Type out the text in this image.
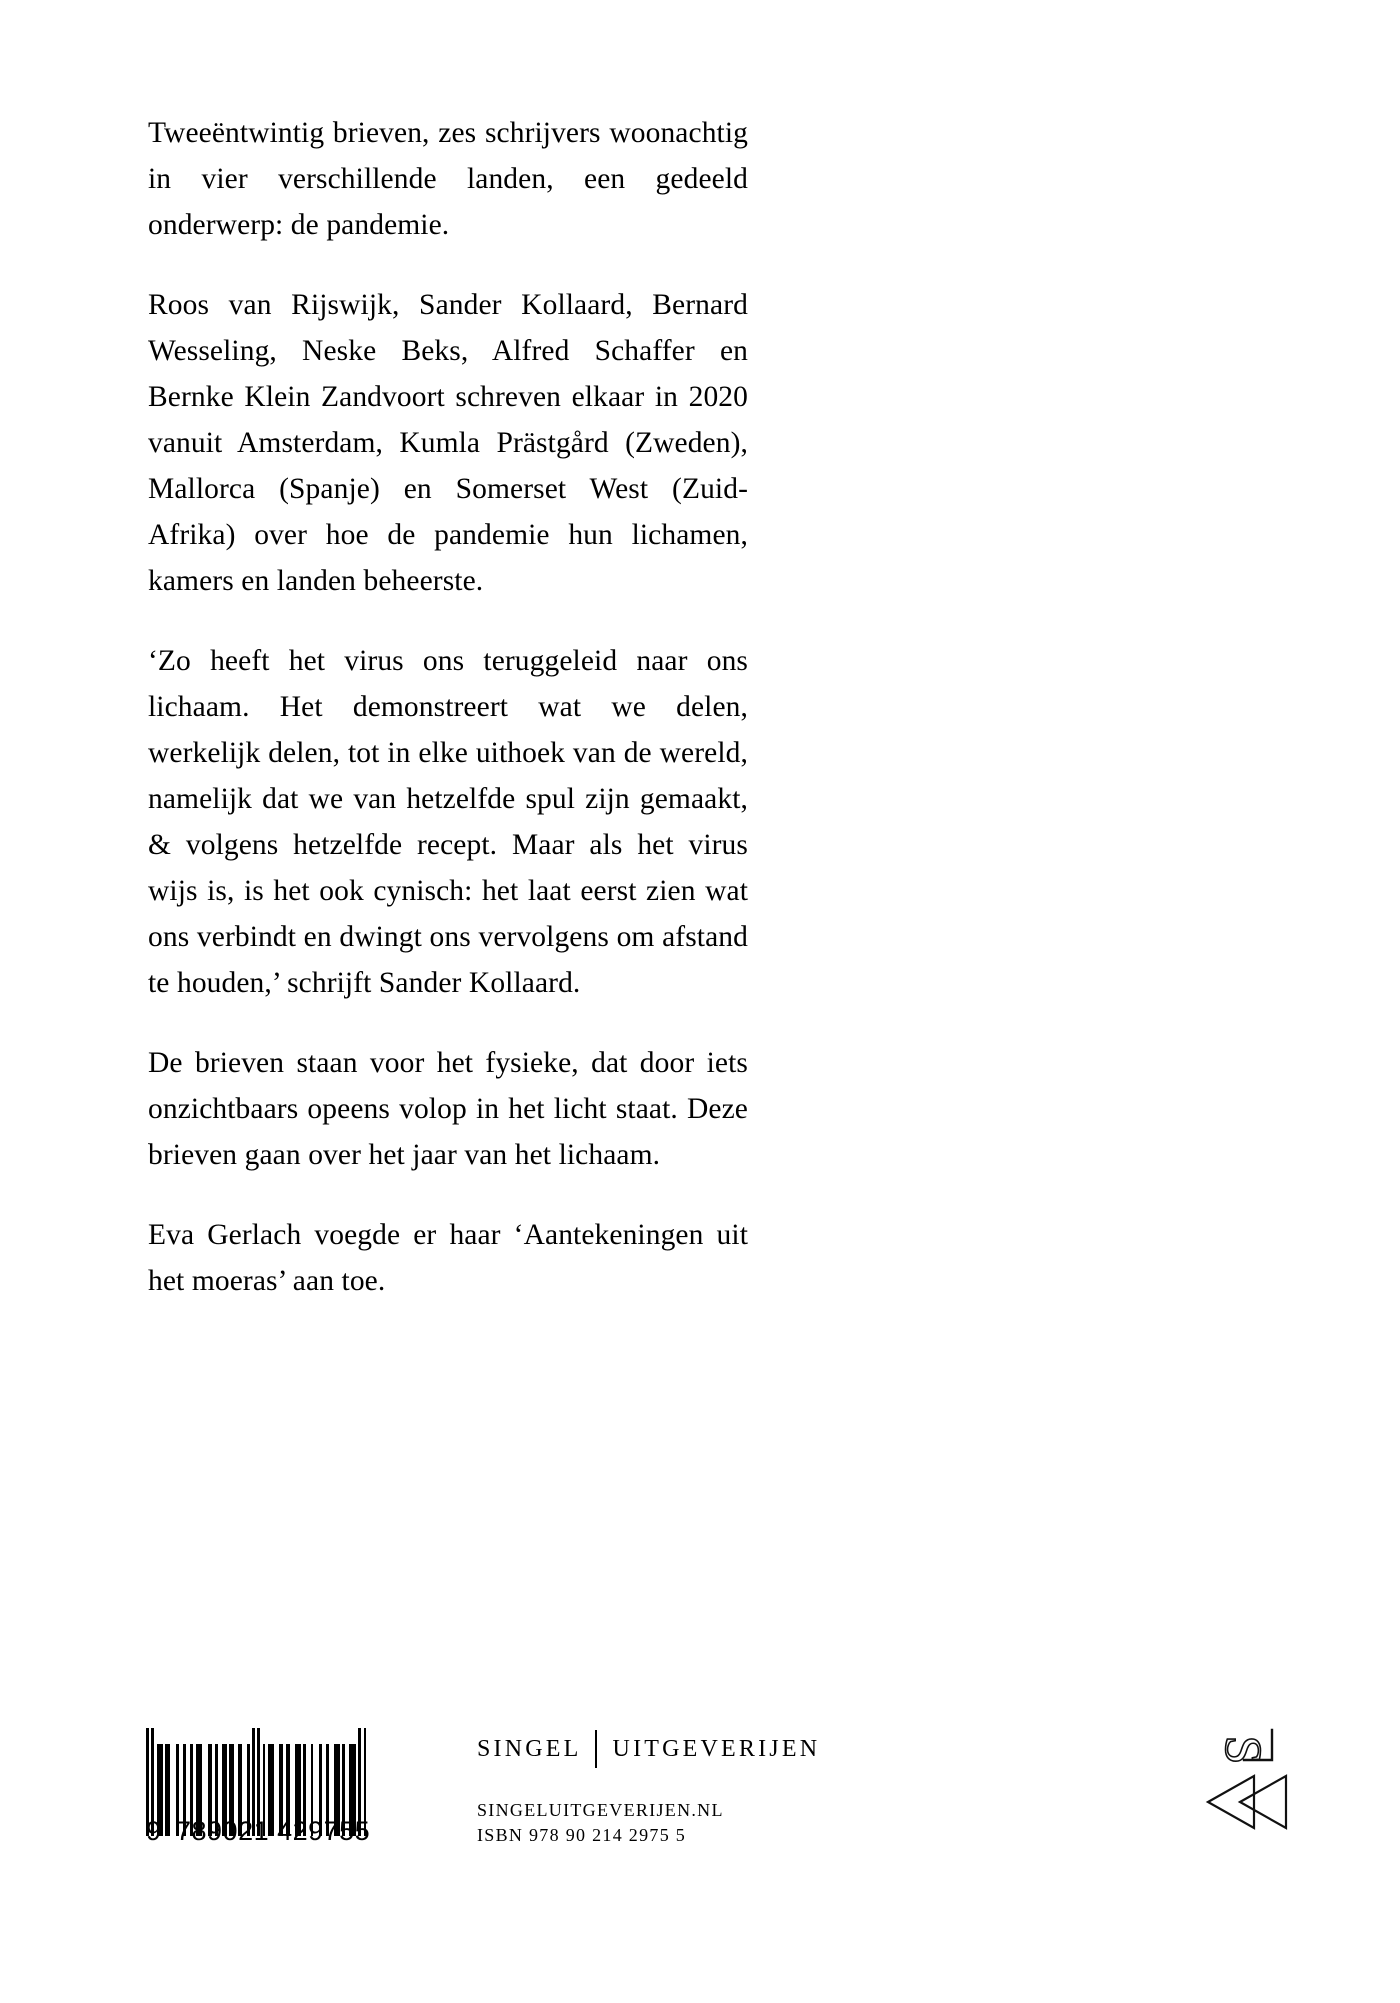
Tweeëntwintig brieven, zes schrijvers woonachtig in vier verschillende landen, een gedeeld onderwerp: de pandemie.

Roos van Rijswijk, Sander Kollaard, Bernard Wesseling, Neske Beks, Alfred Schaffer en Bernke Klein Zandvoort schreven elkaar in 2020 vanuit Amsterdam, Kumla Prästgård (Zweden), Mallorca (Spanje) en Somerset West (Zuid-Afrika) over hoe de pandemie hun lichamen, kamers en landen beheerste.

‘Zo heeft het virus ons teruggeleid naar ons lichaam. Het demonstreert wat we delen, werkelijk delen, tot in elke uithoek van de wereld, namelijk dat we van hetzelfde spul zijn gemaakt, & volgens hetzelfde recept. Maar als het virus wijs is, is het ook cynisch: het laat eerst zien wat ons verbindt en dwingt ons vervolgens om afstand te houden,’ schrijft Sander Kollaard.

De brieven staan voor het fysieke, dat door iets onzichtbaars opeens volop in het licht staat. Deze brieven gaan over het jaar van het lichaam.

Eva Gerlach voegde er haar ‘Aantekeningen uit het moeras’ aan toe.

9

789021 429755

SINGEL UITGEVERIJEN
SINGELUITGEVERIJEN.NL
ISBN 978 90 214 2975 5
S
